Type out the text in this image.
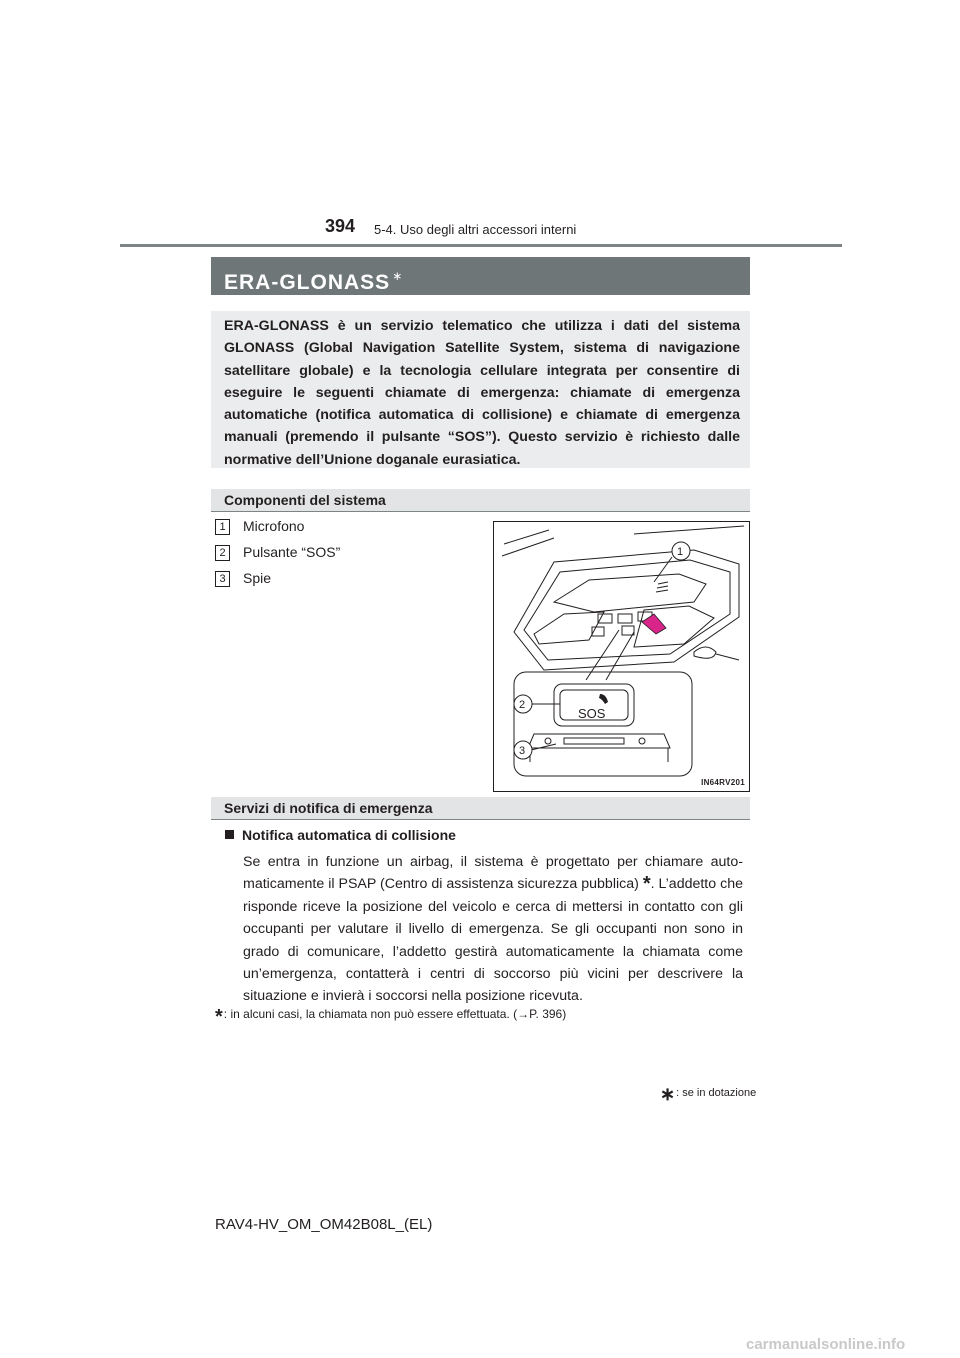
394 5-4. Uso degli altri accessori interni
ERA-GLONASS ∗
ERA-GLONASS è un servizio telematico che utilizza i dati del sistema GLONASS (Global Navigation Satellite System, sistema di navigazione satellitare globale) e la tecnologia cellulare integrata per consentire di eseguire le seguenti chiamate di emergenza: chiamate di emergenza automatiche (notifica automatica di collisione) e chiamate di emergenza manuali (premendo il pulsante “SOS”). Questo servizio è richiesto dalle normative dell’Unione doganale eurasiatica.
Componenti del sistema
1	Microfono
2	Pulsante “SOS”
3	Spie
SOS
1
2
3
IN64RV201
Servizi di notifica di emergenza
Notifica automatica di collisione
Se entra in funzione un airbag, il sistema è progettato per chiamare automaticamente il PSAP (Centro di assistenza sicurezza pubblica) *. L’addetto che risponde riceve la posizione del veicolo e cerca di mettersi in contatto con gli occupanti per valutare il livello di emergenza. Se gli occupanti non sono in grado di comunicare, l’addetto gestirà automaticamente la chiamata come un’emergenza, contatterà i centri di soccorso più vicini per descrivere la situazione e invierà i soccorsi nella posizione ricevuta.
*: in alcuni casi, la chiamata non può essere effettuata. (→P. 396)
∗: se in dotazione
RAV4-HV_OM_OM42B08L_(EL)
carmanualsonline.info
